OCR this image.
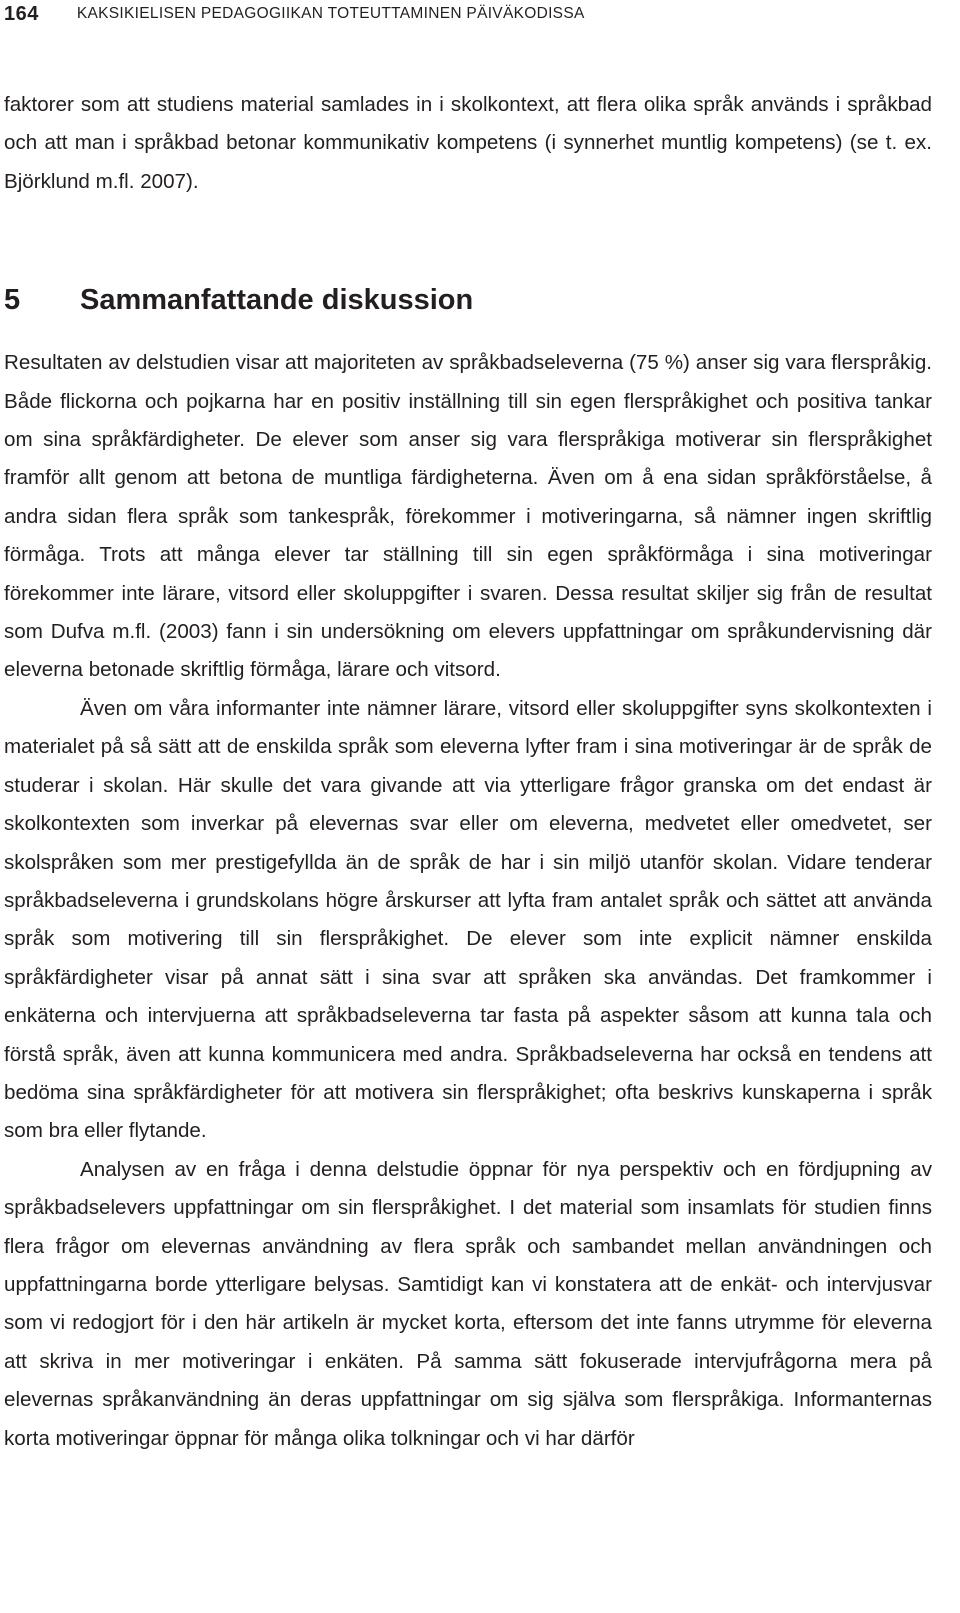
164 KAKSIKIELISEN PEDAGOGIIKAN TOTEUTTAMINEN PÄIVÄKODISSA

faktorer som att studiens material samlades in i skolkontext, att flera olika språk används i språkbad och att man i språkbad betonar kommunikativ kompetens (i synnerhet muntlig kompetens) (se t. ex. Björklund m.fl. 2007).

5	Sammanfattande diskussion

Resultaten av delstudien visar att majoriteten av språkbadseleverna (75 %) anser sig vara flerspråkig. Både flickorna och pojkarna har en positiv inställning till sin egen flerspråkighet och positiva tankar om sina språkfärdigheter. De elever som anser sig vara flerspråkiga motiverar sin flerspråkighet framför allt genom att betona de muntliga färdigheterna. Även om å ena sidan språkförståelse, å andra sidan flera språk som tankespråk, förekommer i motiveringarna, så nämner ingen skriftlig förmåga. Trots att många elever tar ställning till sin egen språkförmåga i sina motiveringar förekommer inte lärare, vitsord eller skoluppgifter i svaren. Dessa resultat skiljer sig från de resultat som Dufva m.fl. (2003) fann i sin undersökning om elevers uppfattningar om språkundervisning där eleverna betonade skriftlig förmåga, lärare och vitsord.

Även om våra informanter inte nämner lärare, vitsord eller skoluppgifter syns skolkontexten i materialet på så sätt att de enskilda språk som eleverna lyfter fram i sina motiveringar är de språk de studerar i skolan. Här skulle det vara givande att via ytterligare frågor granska om det endast är skolkontexten som inverkar på elevernas svar eller om eleverna, medvetet eller omedvetet, ser skolspråken som mer prestigefyllda än de språk de har i sin miljö utanför skolan. Vidare tenderar språkbadseleverna i grundskolans högre årskurser att lyfta fram antalet språk och sättet att använda språk som motivering till sin flerspråkighet. De elever som inte explicit nämner enskilda språkfärdigheter visar på annat sätt i sina svar att språken ska användas. Det framkommer i enkäterna och intervjuerna att språkbadseleverna tar fasta på aspekter såsom att kunna tala och förstå språk, även att kunna kommunicera med andra. Språkbadseleverna har också en tendens att bedöma sina språkfärdigheter för att motivera sin flerspråkighet; ofta beskrivs kunskaperna i språk som bra eller flytande.

Analysen av en fråga i denna delstudie öppnar för nya perspektiv och en fördjupning av språkbadselevers uppfattningar om sin flerspråkighet. I det material som insamlats för studien finns flera frågor om elevernas användning av flera språk och sambandet mellan användningen och uppfattningarna borde ytterligare belysas. Samtidigt kan vi konstatera att de enkät- och intervjusvar som vi redogjort för i den här artikeln är mycket korta, eftersom det inte fanns utrymme för eleverna att skriva in mer motiveringar i enkäten. På samma sätt fokuserade intervjufrågorna mera på elevernas språkanvändning än deras uppfattningar om sig själva som flerspråkiga. Informanternas korta motiveringar öppnar för många olika tolkningar och vi har därför
